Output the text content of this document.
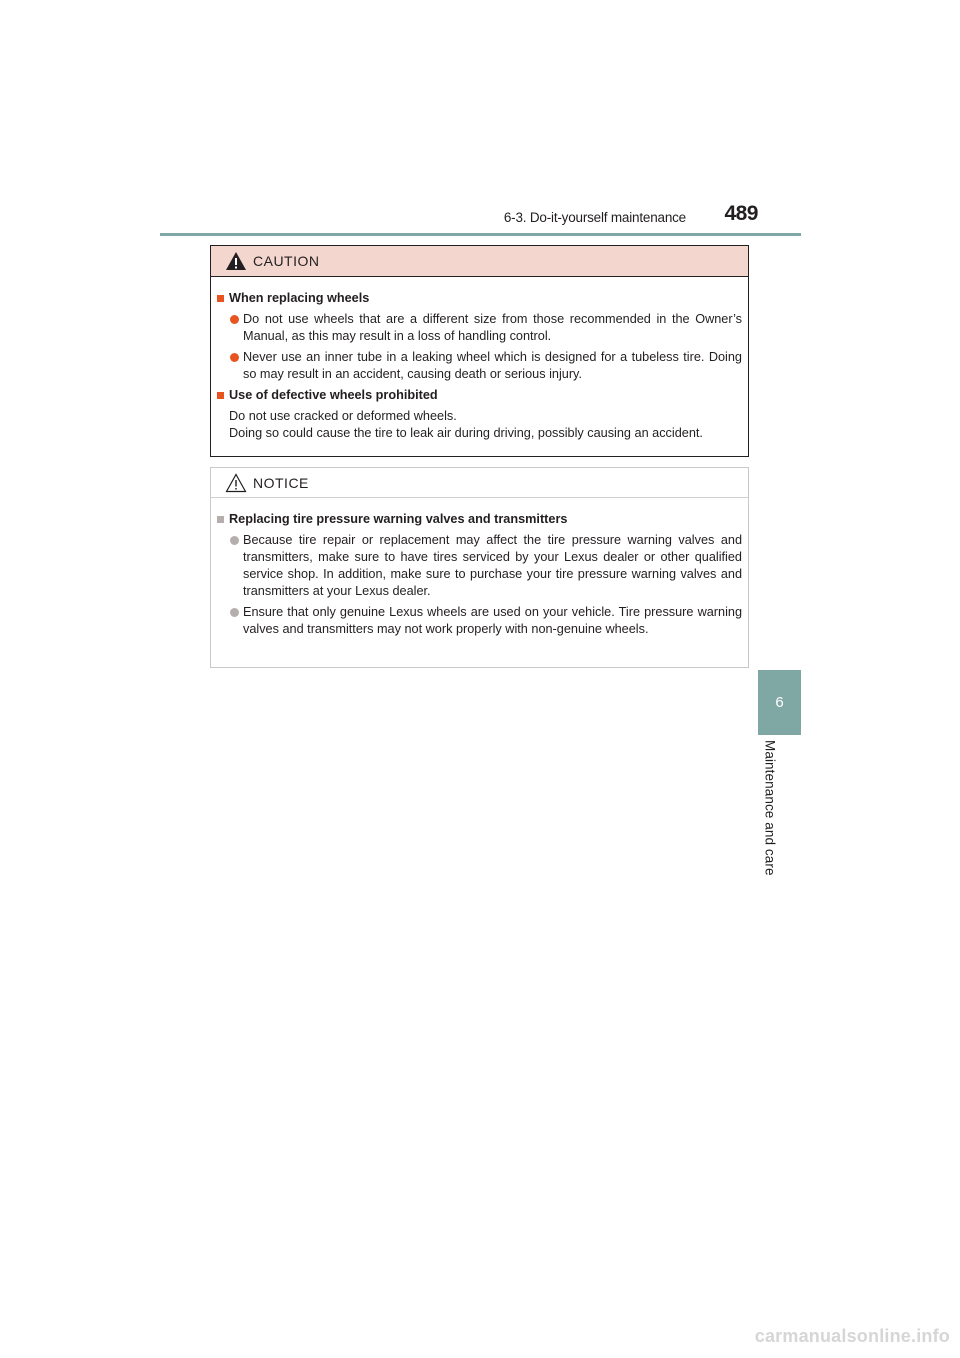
6-3. Do-it-yourself maintenance 489
6
Maintenance and care
CAUTION
When replacing wheels
Do not use wheels that are a different size from those recommended in the Owner’s Manual, as this may result in a loss of handling control.
Never use an inner tube in a leaking wheel which is designed for a tubeless tire. Doing so may result in an accident, causing death or serious injury.
Use of defective wheels prohibited
Do not use cracked or deformed wheels.
Doing so could cause the tire to leak air during driving, possibly causing an accident.
NOTICE
Replacing tire pressure warning valves and transmitters
Because tire repair or replacement may affect the tire pressure warning valves and transmitters, make sure to have tires serviced by your Lexus dealer or other qualified service shop. In addition, make sure to purchase your tire pressure warning valves and transmitters at your Lexus dealer.
Ensure that only genuine Lexus wheels are used on your vehicle. Tire pressure warning valves and transmitters may not work properly with non-genuine wheels.
carmanualsonline.info
